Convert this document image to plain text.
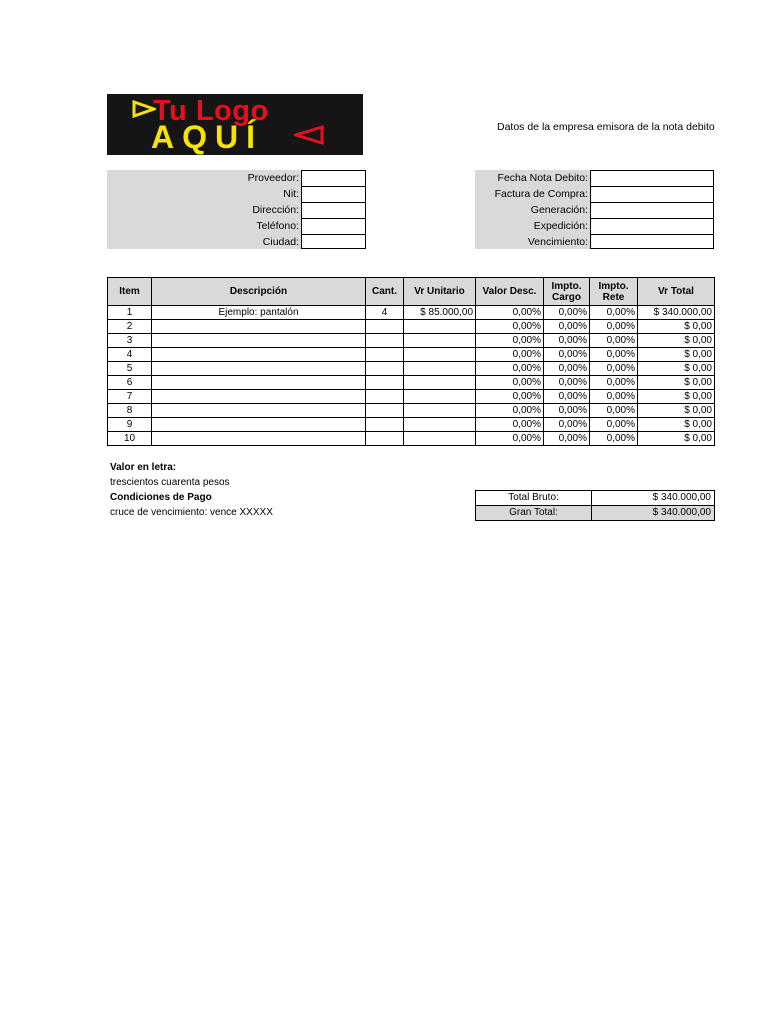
Tu Logo
AQUÍ	Datos de la empresa emisora de la nota debito
Proveedor:
Nit:
Dirección:
Teléfono:
Ciudad:
Fecha Nota Debito:
Factura de Compra:
Generación:
Expedición:
Vencimiento:
Item	Descripción	Cant.	Vr Unitario	Valor Desc.	Impto. Cargo	Impto. Rete	Vr Total
1	Ejemplo: pantalón	4	$ 85.000,00	0,00%	0,00%	0,00%	$ 340.000,00
2				0,00%	0,00%	0,00%	$ 0,00
3				0,00%	0,00%	0,00%	$ 0,00
4				0,00%	0,00%	0,00%	$ 0,00
5				0,00%	0,00%	0,00%	$ 0,00
6				0,00%	0,00%	0,00%	$ 0,00
7				0,00%	0,00%	0,00%	$ 0,00
8				0,00%	0,00%	0,00%	$ 0,00
9				0,00%	0,00%	0,00%	$ 0,00
10				0,00%	0,00%	0,00%	$ 0,00
Valor en letra:
trescientos cuarenta pesos
Condiciones de Pago
cruce de vencimiento: vence XXXXX
Total Bruto:	$ 340.000,00
Gran Total:	$ 340.000,00
